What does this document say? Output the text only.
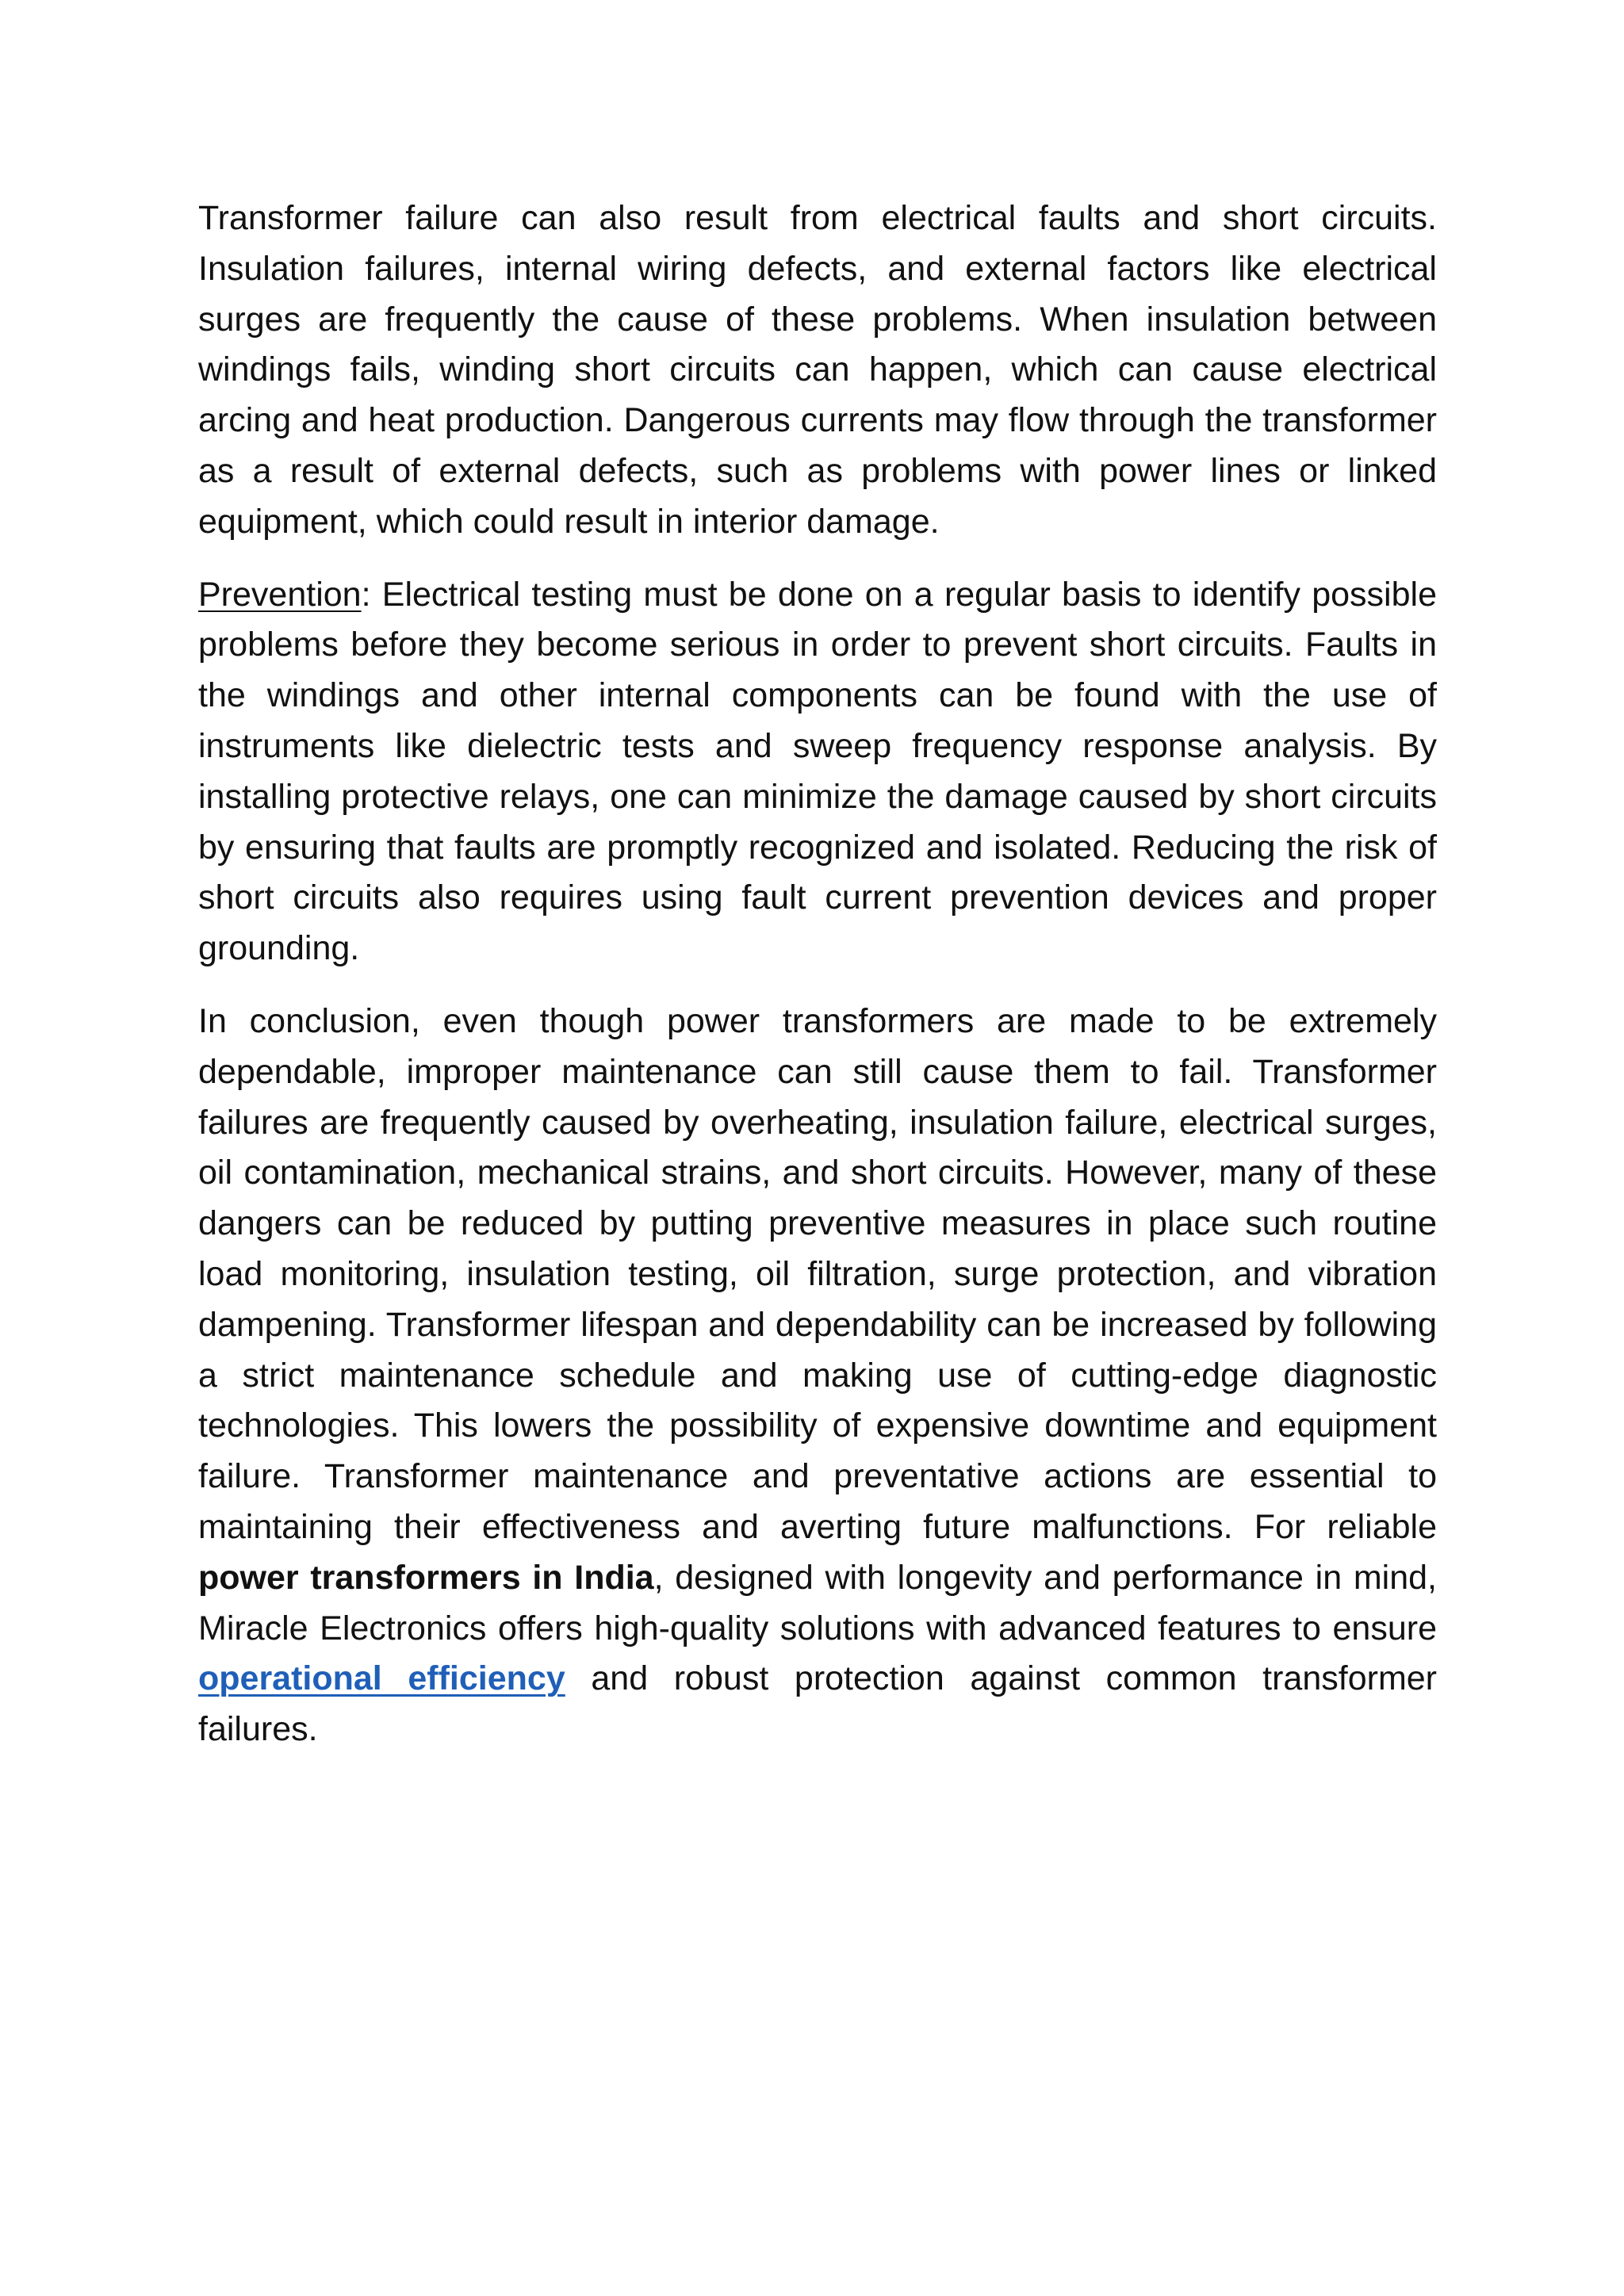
Transformer failure can also result from electrical faults and short circuits. Insulation failures, internal wiring defects, and external factors like electrical surges are frequently the cause of these problems. When insulation between windings fails, winding short circuits can happen, which can cause electrical arcing and heat production. Dangerous currents may flow through the transformer as a result of external defects, such as problems with power lines or linked equipment, which could result in interior damage.

Prevention: Electrical testing must be done on a regular basis to identify possible problems before they become serious in order to prevent short circuits. Faults in the windings and other internal components can be found with the use of instruments like dielectric tests and sweep frequency response analysis. By installing protective relays, one can minimize the damage caused by short circuits by ensuring that faults are promptly recognized and isolated. Reducing the risk of short circuits also requires using fault current prevention devices and proper grounding.

In conclusion, even though power transformers are made to be extremely dependable, improper maintenance can still cause them to fail. Transformer failures are frequently caused by overheating, insulation failure, electrical surges, oil contamination, mechanical strains, and short circuits. However, many of these dangers can be reduced by putting preventive measures in place such routine load monitoring, insulation testing, oil filtration, surge protection, and vibration dampening. Transformer lifespan and dependability can be increased by following a strict maintenance schedule and making use of cutting-edge diagnostic technologies. This lowers the possibility of expensive downtime and equipment failure. Transformer maintenance and preventative actions are essential to maintaining their effectiveness and averting future malfunctions. For reliable power transformers in India, designed with longevity and performance in mind, Miracle Electronics offers high-quality solutions with advanced features to ensure operational efficiency and robust protection against common transformer failures.
